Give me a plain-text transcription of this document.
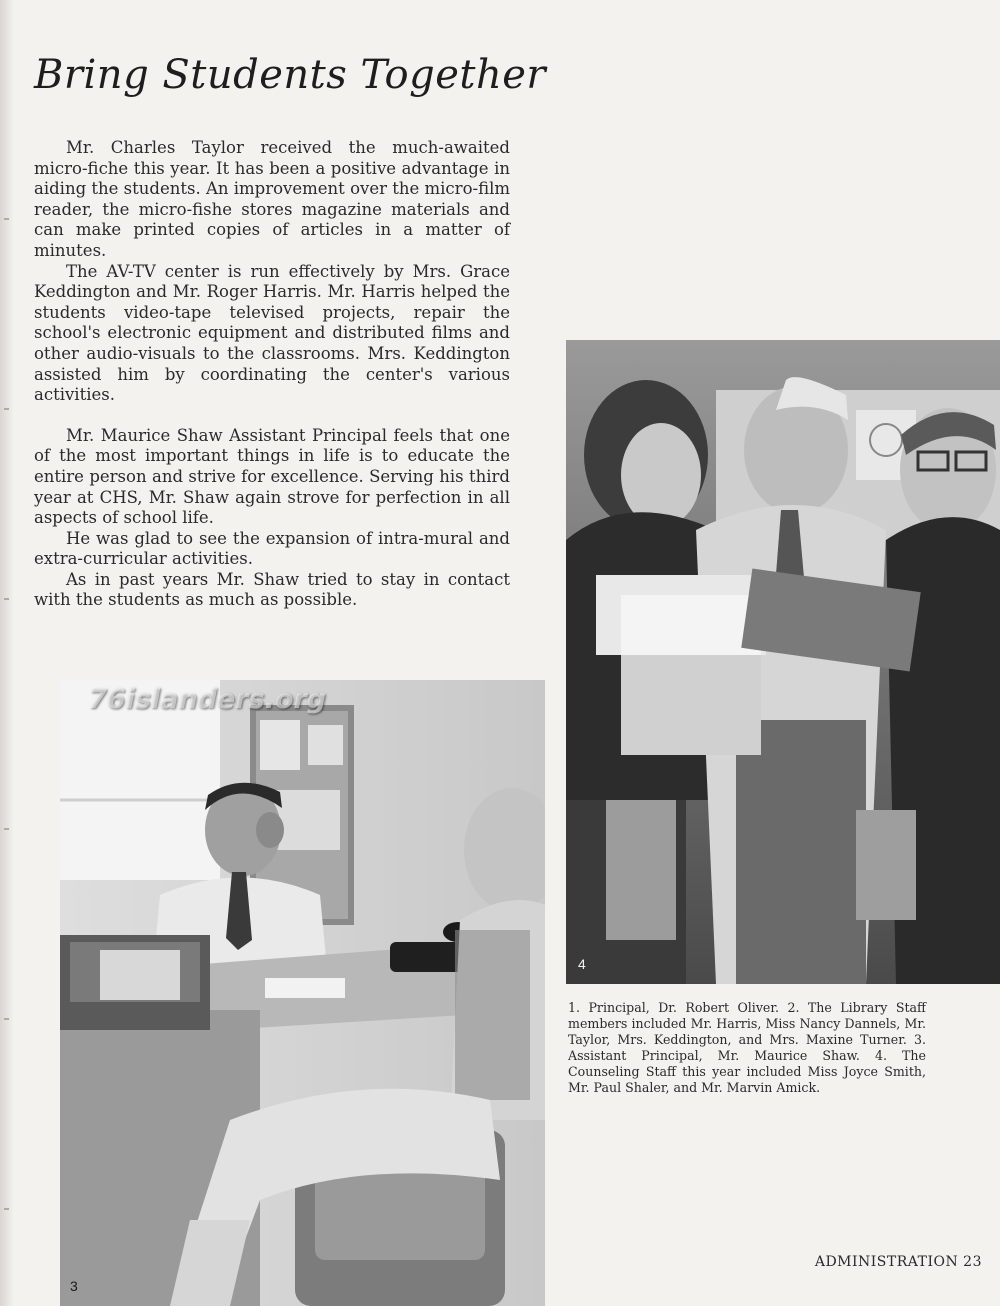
Bring Students Together

Mr. Charles Taylor received the much-awaited micro-fiche this year. It has been a positive advantage in aiding the students. An improvement over the micro-film reader, the micro-fishe stores magazine materials and can make printed copies of articles in a matter of minutes.

The AV-TV center is run effectively by Mrs. Grace Keddington and Mr. Roger Harris. Mr. Harris helped the students video-tape televised projects, repair the school's electronic equipment and distributed films and other audio-visuals to the classrooms. Mrs. Keddington assisted him by coordinating the center's various activities.

Mr. Maurice Shaw Assistant Principal feels that one of the most important things in life is to educate the entire person and strive for excellence. Serving his third year at CHS, Mr. Shaw again strove for perfection in all aspects of school life.

He was glad to see the expansion of intra-mural and extra-curricular activities.

As in past years Mr. Shaw tried to stay in contact with the students as much as possible.

4
76islanders.org
3
1. Principal, Dr. Robert Oliver. 2. The Library Staff members included Mr. Harris, Miss Nancy Dannels, Mr. Taylor, Mrs. Keddington, and Mrs. Maxine Turner. 3. Assistant Principal, Mr. Maurice Shaw. 4. The Counseling Staff this year included Miss Joyce Smith, Mr. Paul Shaler, and Mr. Marvin Amick.
ADMINISTRATION 23
